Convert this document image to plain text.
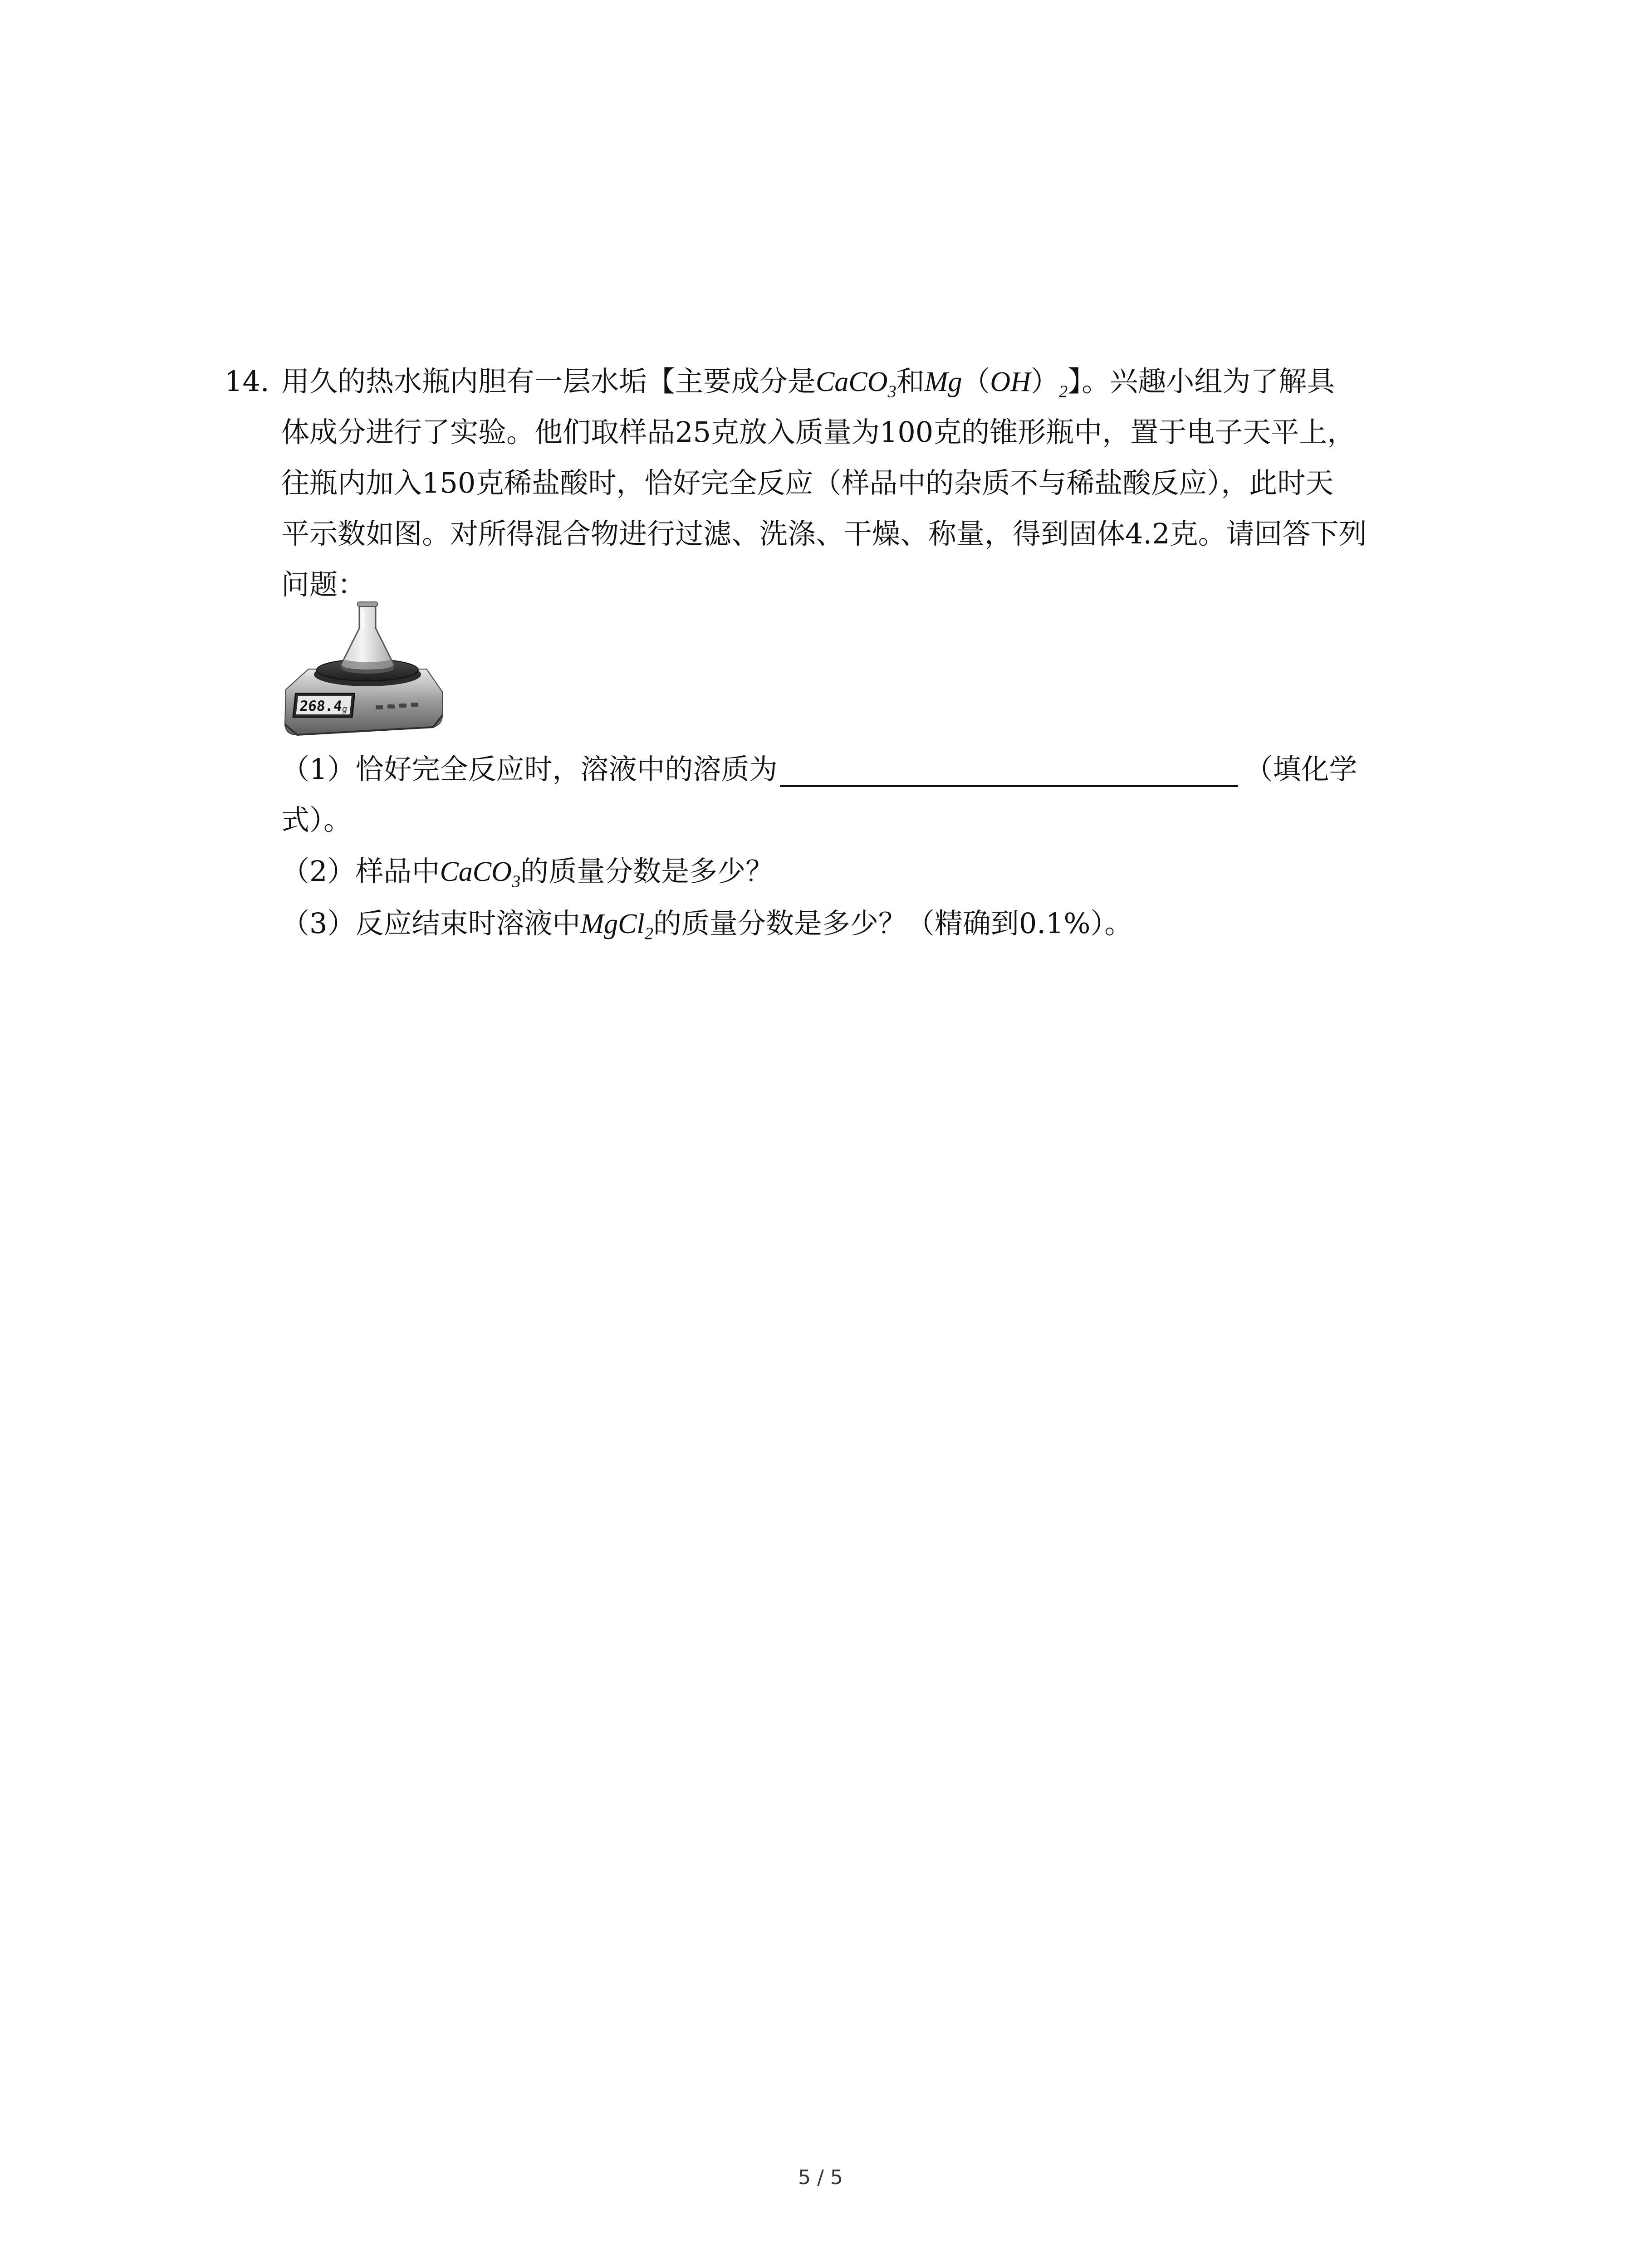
14. 用久的热水瓶内胆有一层水垢【主要成分是CaCO$_3$和$Mg(OH)_2$】。兴趣小组为了解具
体成分进行了实验。他们取样品25克放入质量为100克的锥形瓶中，置于电子天平上，
往瓶内加入150克稀盐酸时，恰好完全反应（样品中的杂质不与稀盐酸反应），此时天
平示数如图。对所得混合物进行过滤、洗涤、干燥、称量，得到固体4.2克。请回答下列
问题：
268.4
g
（1）恰好完全反应时，溶液中的溶质为	（填化学
式）。
（2）样品中CaCO$_3$的质量分数是多少？
（3）反应结束时溶液中MgCl$_2$的质量分数是多少？（精确到0.1%）。
5 / 5
